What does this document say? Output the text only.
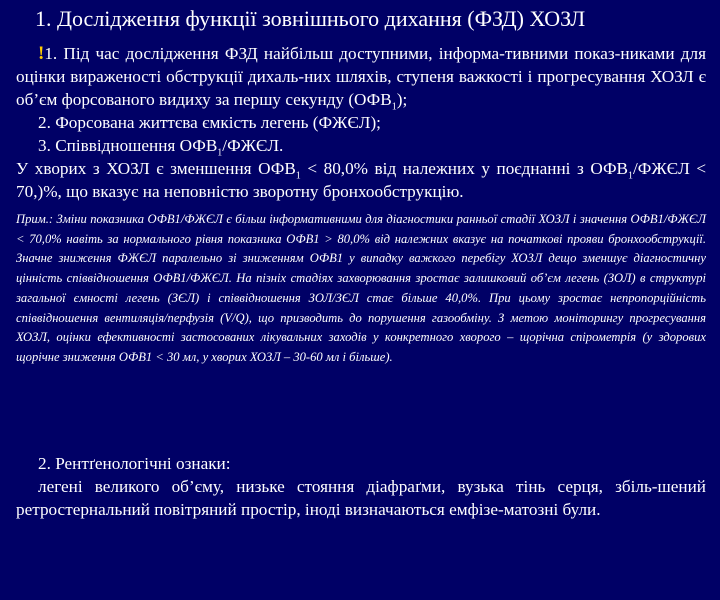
1. Дослідження функції зовнішнього дихання (ФЗД) ХОЗЛ

!1. Під час дослідження ФЗД найбільш доступними, інформа-тивними показ-никами для оцінки вираженості обструкції дихаль-них шляхів, ступеня важкості і прогресування ХОЗЛ є об’єм форсованого видиху за першу секунду $(ОФВ_1)$;

2. Форсована життєва ємкість легень (ФЖЄЛ);

3. Співвідношення $ОФВ_1$/ФЖЄЛ.

У хворих з ХОЗЛ є зменшення $ОФВ_1 < 80,0\%$ від належних у поєднанні з $ОФВ_1$/ФЖЄЛ < 70,)%, що вказує на неповністю зворотну бронхообструкцію.

Прим.: Зміни показника ОФВ1/ФЖЄЛ є більш інформативними для діагностики ранньої стадії ХОЗЛ і значення ОФВ1/ФЖЄЛ < 70,0% навіть за нормального рівня показника ОФВ1 > 80,0% від належних вказує на початкові прояви бронхообструкції. Значне зниження ФЖЄЛ паралельно зі зниженням ОФВ1 у випадку важкого перебігу ХОЗЛ дещо зменшує діагностичну цінність співвідношення ОФВ1/ФЖЄЛ. На пізніх стадіях захворювання зростає залишковий об’єм легень (ЗОЛ) в структурі загальної ємності легень (ЗЄЛ) і співвідношення ЗОЛ/ЗЄЛ стає більше 40,0%. При цьому зростає непропорційність співвідношення вентиляція/перфузія (V/Q), що призводить до порушення газообміну. З метою моніторингу прогресування ХОЗЛ, оцінки ефективності застосованих лікувальних заходів у конкретного хворого – щорічна спірометрія (у здорових щорічне зниження ОФВ1 < 30 мл, у хворих ХОЗЛ – 30-60 мл і більше).

2. Рентґенологічні ознаки:

легені великого об’єму, низьке стояння діафраґми, вузька тінь серця, збіль-шений ретростернальний повітряний простір, іноді визначаються емфізе-матозні були.
